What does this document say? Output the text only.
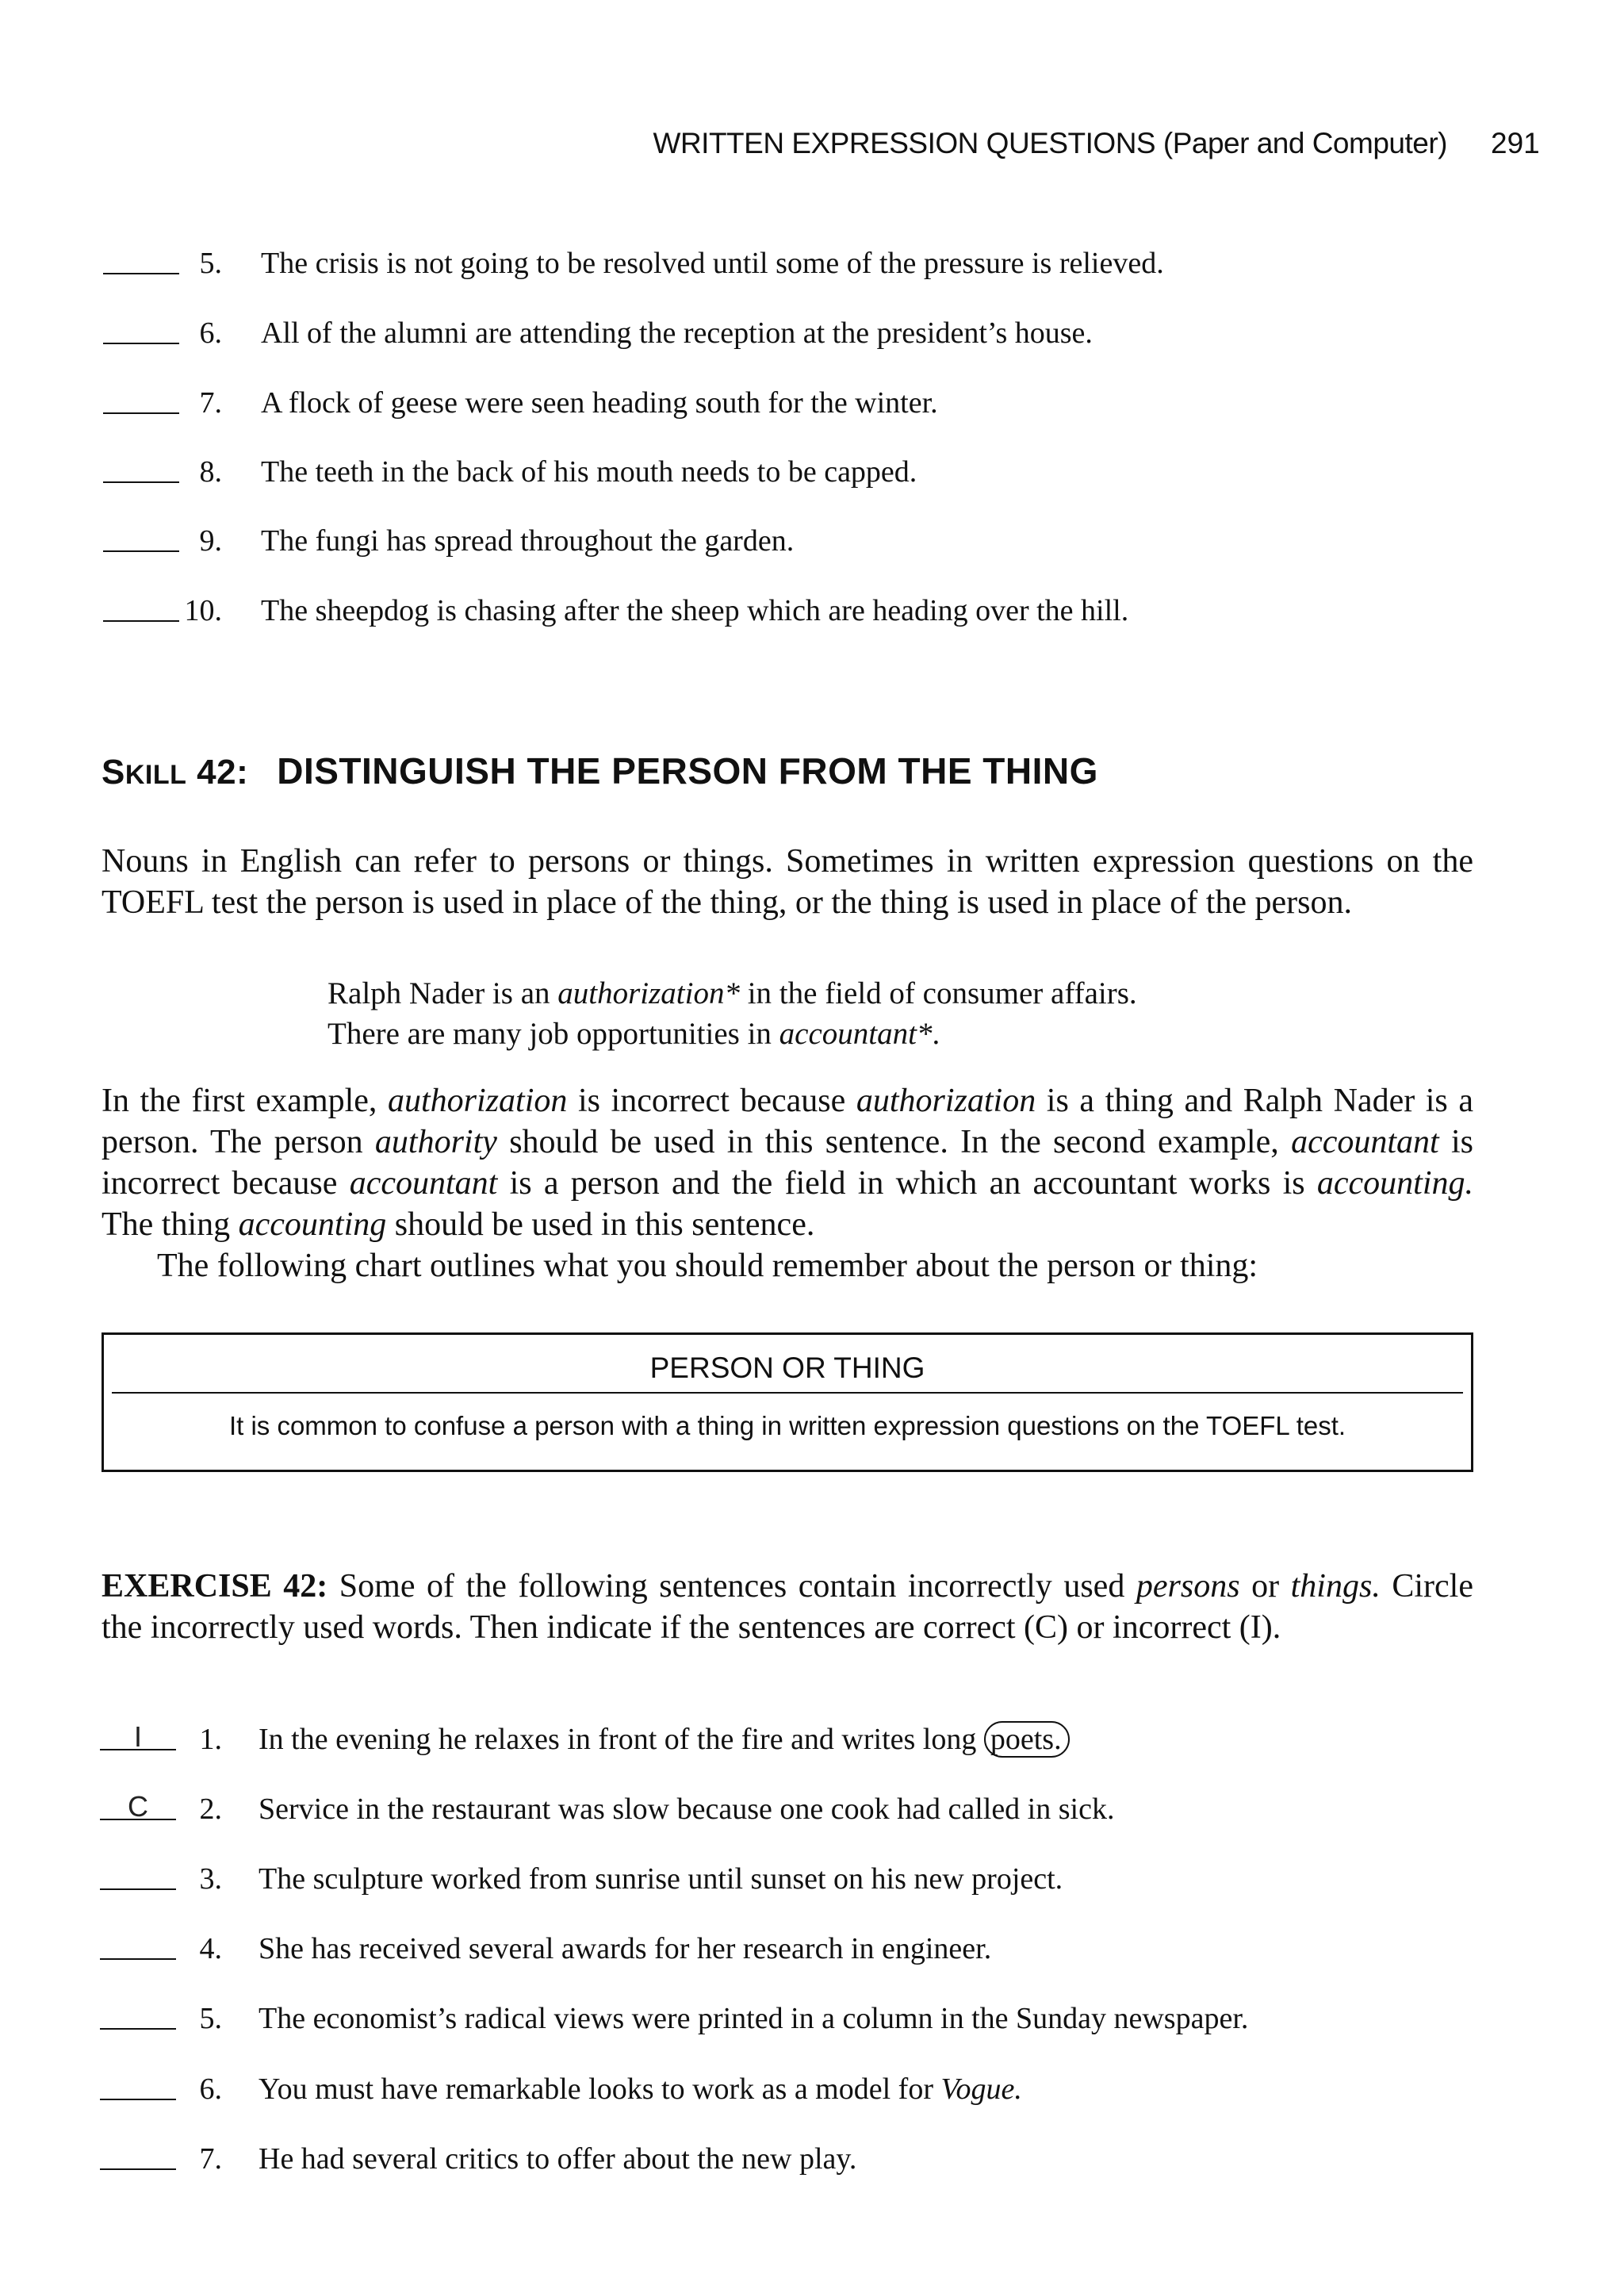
WRITTEN EXPRESSION QUESTIONS (Paper and Computer) 291
5. The crisis is not going to be resolved until some of the pressure is relieved.
6. All of the alumni are attending the reception at the president’s house.
7. A flock of geese were seen heading south for the winter.
8. The teeth in the back of his mouth needs to be capped.
9. The fungi has spread throughout the garden.
10. The sheepdog is chasing after the sheep which are heading over the hill.
SKILL 42: DISTINGUISH THE PERSON FROM THE THING
Nouns in English can refer to persons or things. Sometimes in written expression questions on the TOEFL test the person is used in place of the thing, or the thing is used in place of the person.
Ralph Nader is an authorization* in the field of consumer affairs.
There are many job opportunities in accountant*.
In the first example, authorization is incorrect because authorization is a thing and Ralph Nader is a person. The person authority should be used in this sentence. In the second example, accountant is incorrect because accountant is a person and the field in which an accountant works is accounting. The thing accounting should be used in this sentence.
The following chart outlines what you should remember about the person or thing:
PERSON OR THING
It is common to confuse a person with a thing in written expression questions on the TOEFL test.
EXERCISE 42: Some of the following sentences contain incorrectly used persons or things. Circle the incorrectly used words. Then indicate if the sentences are correct (C) or incorrect (I).
I	1. In the evening he relaxes in front of the fire and writes long poets.
C	2. Service in the restaurant was slow because one cook had called in sick.
3. The sculpture worked from sunrise until sunset on his new project.
4. She has received several awards for her research in engineer.
5. The economist’s radical views were printed in a column in the Sunday newspaper.
6. You must have remarkable looks to work as a model for Vogue.
7. He had several critics to offer about the new play.
